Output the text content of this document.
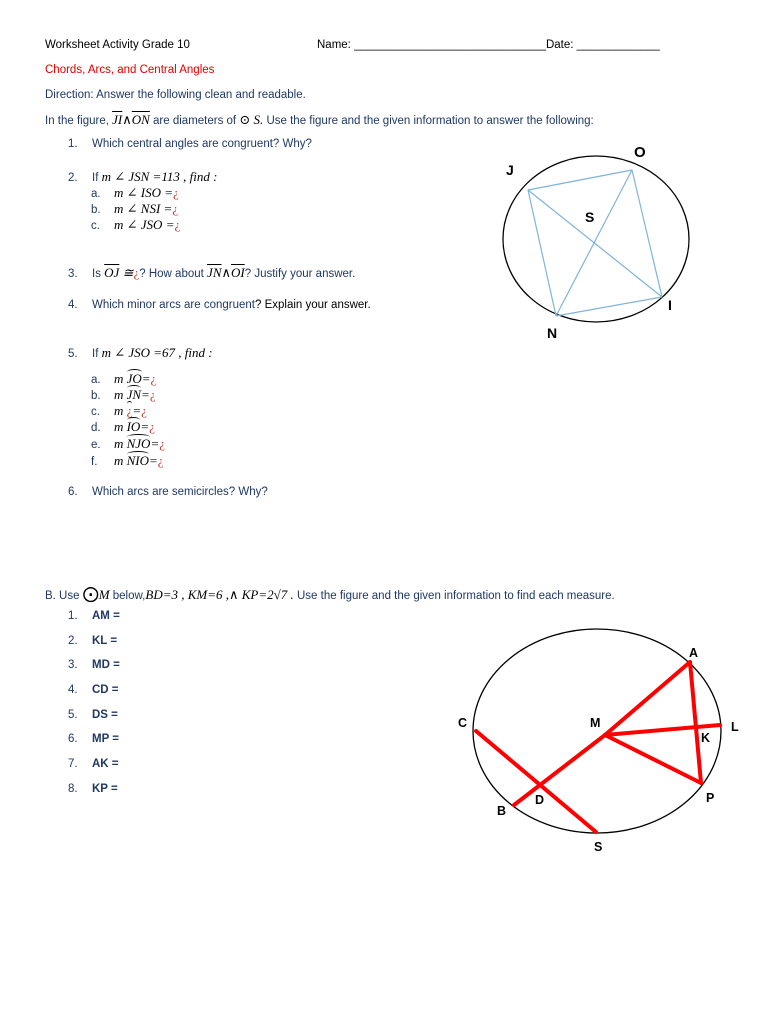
Worksheet Activity Grade 10	Name: ______________________________Date: _____________
Chords, Arcs, and Central Angles
Direction: Answer the following clean and readable.
In the figure, $\overline{JI}\wedge\overline{ON}$ are diameters of ⊙ S. Use the figure and the given information to answer the following:
1. Which central angles are congruent? Why?
2. If m ∠ JSN =113 , find :
a. m ∠ ISO =¿
b. m ∠ NSI =¿
c. m ∠ JSO =¿
3. Is $\overline{OJ}$ ≅¿? How about $\overline{JN}\wedge\overline{OI}$? Justify your answer.
4. Which minor arcs are congruent? Explain your answer.
5. If m ∠ JSO =67 , find :
a. m JO=¿
b. m JN=¿
c. m ¿=¿
d. m IO=¿
e. m NJO=¿
f. m NIO=¿
6. Which arcs are semicircles? Why?
B. Use ⨀M below,BD=3 , KM=6 ,∧ KP=2√7 . Use the figure and the given information to find each measure.
1. AM =
2. KL =
3. MD =
4. CD =
5. DS =
6. MP =
7. AK =
8. KP =
J
O
S
I
N
A
C	M	L
K
D	P
B
S
